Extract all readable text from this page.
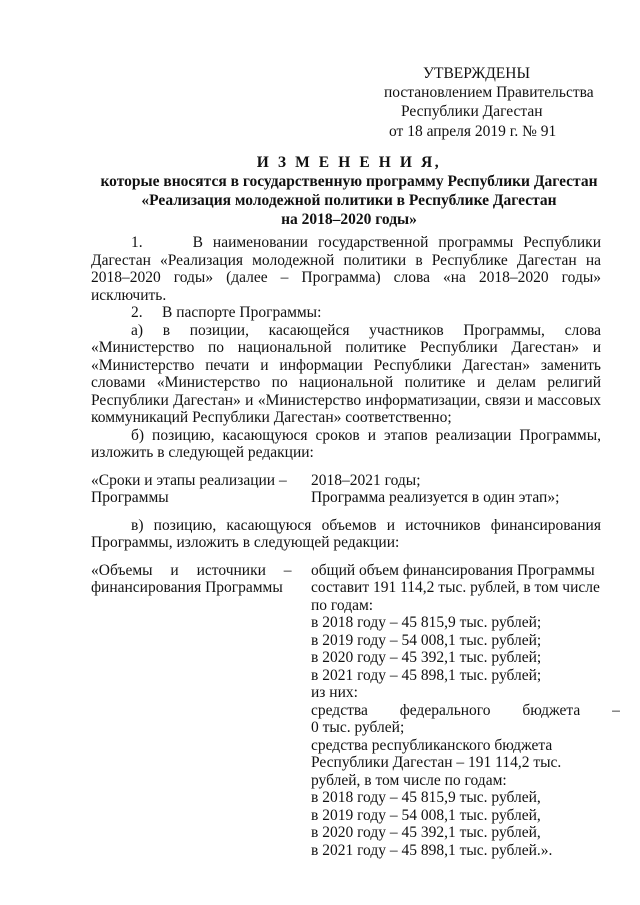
УТВЕРЖДЕНЫ
постановлением Правительства
Республики Дагестан
от 18 апреля 2019 г. № 91
И З М Е Н Е Н И Я,
которые вносятся в государственную программу Республики Дагестан
«Реализация молодежной политики в Республике Дагестан
на 2018–2020 годы»

1.     В наименовании государственной программы Республики Дагестан «Реализация молодежной политики в Республике Дагестан на 2018–2020 годы» (далее – Программа) слова «на 2018–2020 годы» исключить.

2.     В паспорте Программы:

а) в позиции, касающейся участников Программы, слова «Министерство по национальной политике Республики Дагестан» и «Министерство печати и информации Республики Дагестан» заменить словами «Министерство по национальной политике и делам религий Республики Дагестан» и «Министерство информатизации, связи и массовых коммуникаций Республики Дагестан» соответственно;

б) позицию, касающуюся сроков и этапов реализации Программы, изложить в следующей редакции:

«Сроки и этапы реализации –
Программы
2018–2021 годы;
Программа реализуется в один этап»;

в) позицию, касающуюся объемов и источников финансирования Программы, изложить в следующей редакции:

«Объемы и источники –
финансирования Программы
общий объем финансирования Программы
составит 191 114,2 тыс. рублей, в том числе
по годам:
в 2018 году – 45 815,9 тыс. рублей;
в 2019 году – 54 008,1 тыс. рублей;
в 2020 году – 45 392,1 тыс. рублей;
в 2021 году – 45 898,1 тыс. рублей;
из них:
средства федерального бюджета –
0 тыс. рублей;
средства республиканского бюджета
Республики Дагестан – 191 114,2 тыс.
рублей, в том числе по годам:
в 2018 году – 45 815,9 тыс. рублей,
в 2019 году – 54 008,1 тыс. рублей,
в 2020 году – 45 392,1 тыс. рублей,
в 2021 году – 45 898,1 тыс. рублей.».
